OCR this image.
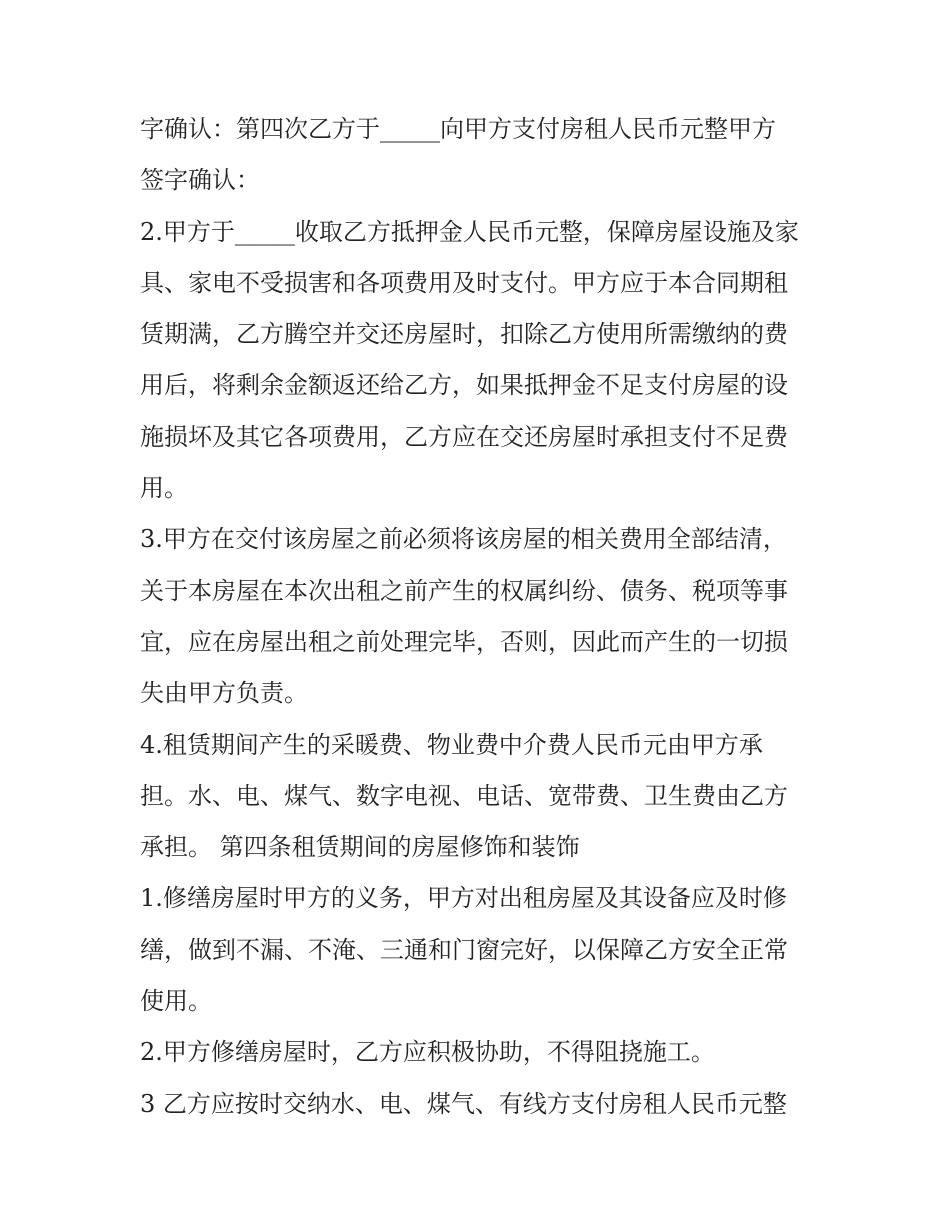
字确认：第四次乙方于_____向甲方支付房租人民币元整甲方
签字确认：
2.甲方于_____收取乙方抵押金人民币元整，保障房屋设施及家
具、家电不受损害和各项费用及时支付。甲方应于本合同期租
赁期满，乙方腾空并交还房屋时，扣除乙方使用所需缴纳的费
用后，将剩余金额返还给乙方，如果抵押金不足支付房屋的设
施损坏及其它各项费用，乙方应在交还房屋时承担支付不足费
用。
3.甲方在交付该房屋之前必须将该房屋的相关费用全部结清，
关于本房屋在本次出租之前产生的权属纠纷、债务、税项等事
宜，应在房屋出租之前处理完毕，否则，因此而产生的一切损
失由甲方负责。
4.租赁期间产生的采暖费、物业费中介费人民币元由甲方承
担。水、电、煤气、数字电视、电话、宽带费、卫生费由乙方
承担。 第四条租赁期间的房屋修饰和装饰
1.修缮房屋时甲方的义务，甲方对出租房屋及其设备应及时修
缮，做到不漏、不淹、三通和门窗完好，以保障乙方安全正常
使用。
2.甲方修缮房屋时，乙方应积极协助，不得阻挠施工。
3 乙方应按时交纳水、电、煤气、有线方支付房租人民币元整
